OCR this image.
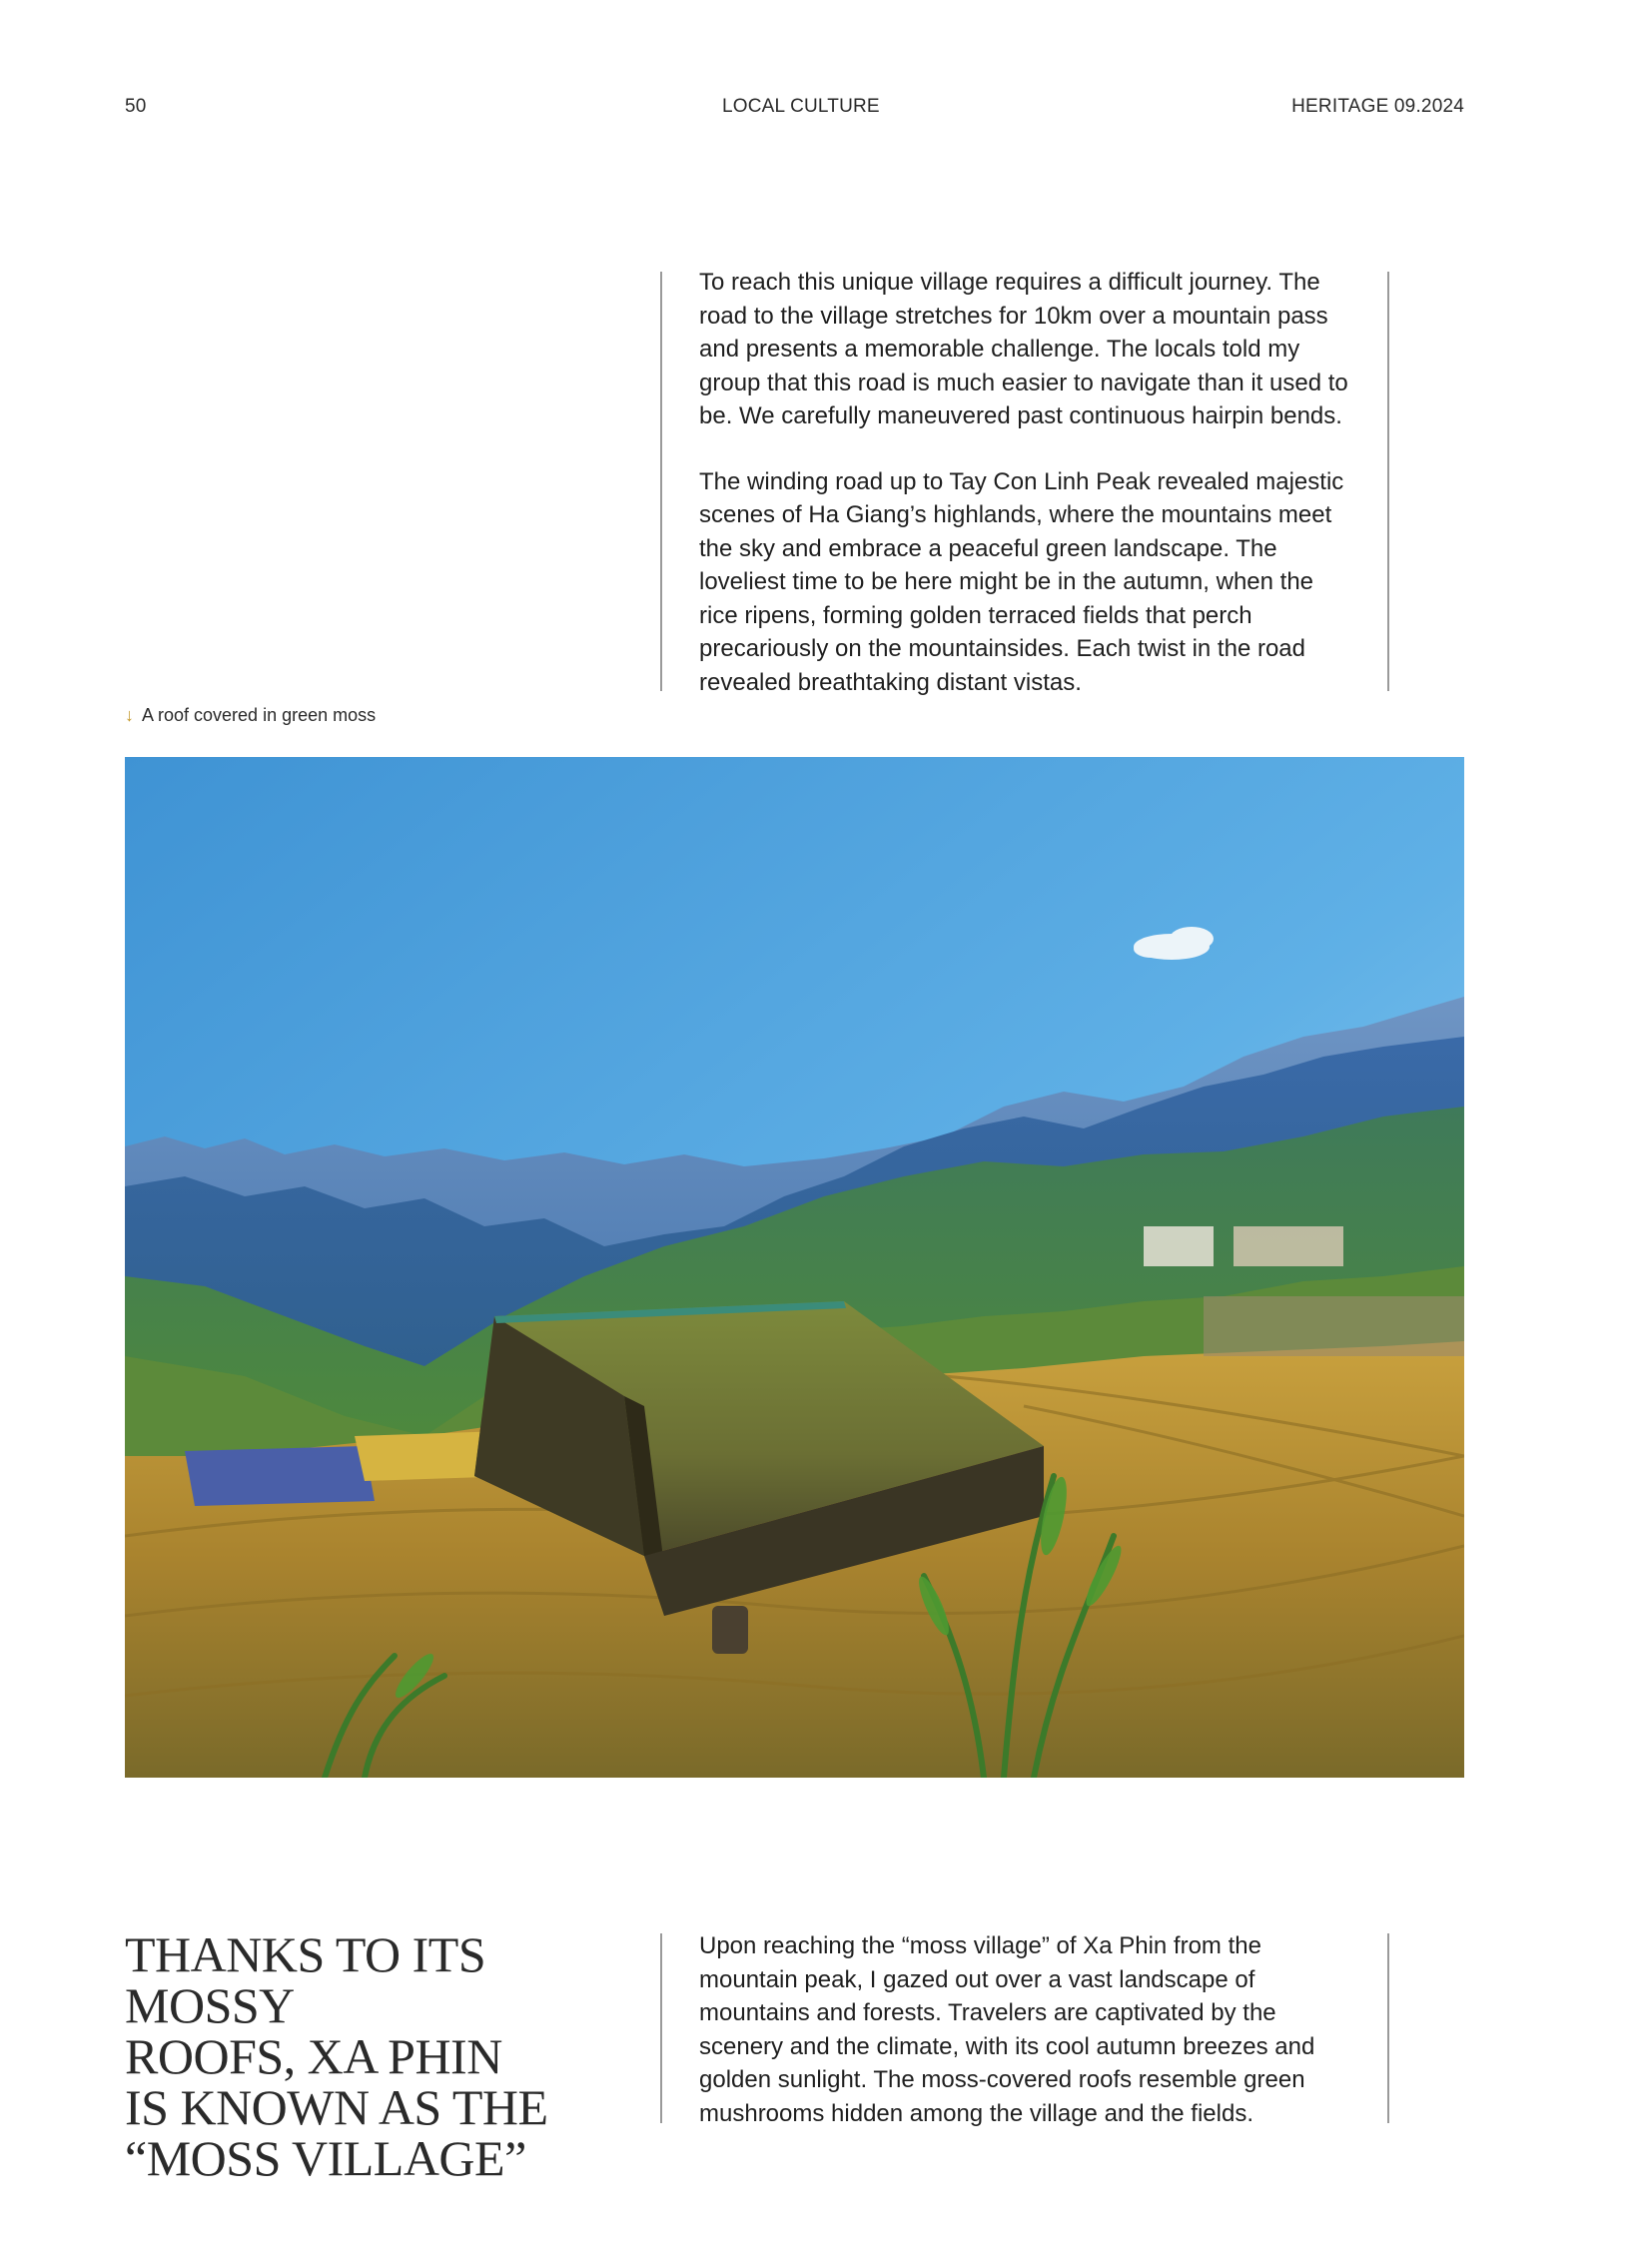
50	LOCAL CULTURE	HERITAGE 09.2024

To reach this unique village requires a difficult journey. The road to the village stretches for 10km over a mountain pass and presents a memorable challenge. The locals told my group that this road is much easier to navigate than it used to be. We carefully maneuvered past continuous hairpin bends.

The winding road up to Tay Con Linh Peak revealed majestic scenes of Ha Giang’s highlands, where the mountains meet the sky and embrace a peaceful green landscape. The loveliest time to be here might be in the autumn, when the rice ripens, forming golden terraced fields that perch precariously on the mountainsides. Each twist in the road revealed breathtaking distant vistas.

↓ A roof covered in green moss
THANKS TO ITS MOSSY
ROOFS, XA PHIN
IS KNOWN AS THE
“MOSS VILLAGE”

Upon reaching the “moss village” of Xa Phin from the mountain peak, I gazed out over a vast landscape of mountains and forests. Travelers are captivated by the scenery and the climate, with its cool autumn breezes and golden sunlight. The moss-covered roofs resemble green mushrooms hidden among the village and the fields.
